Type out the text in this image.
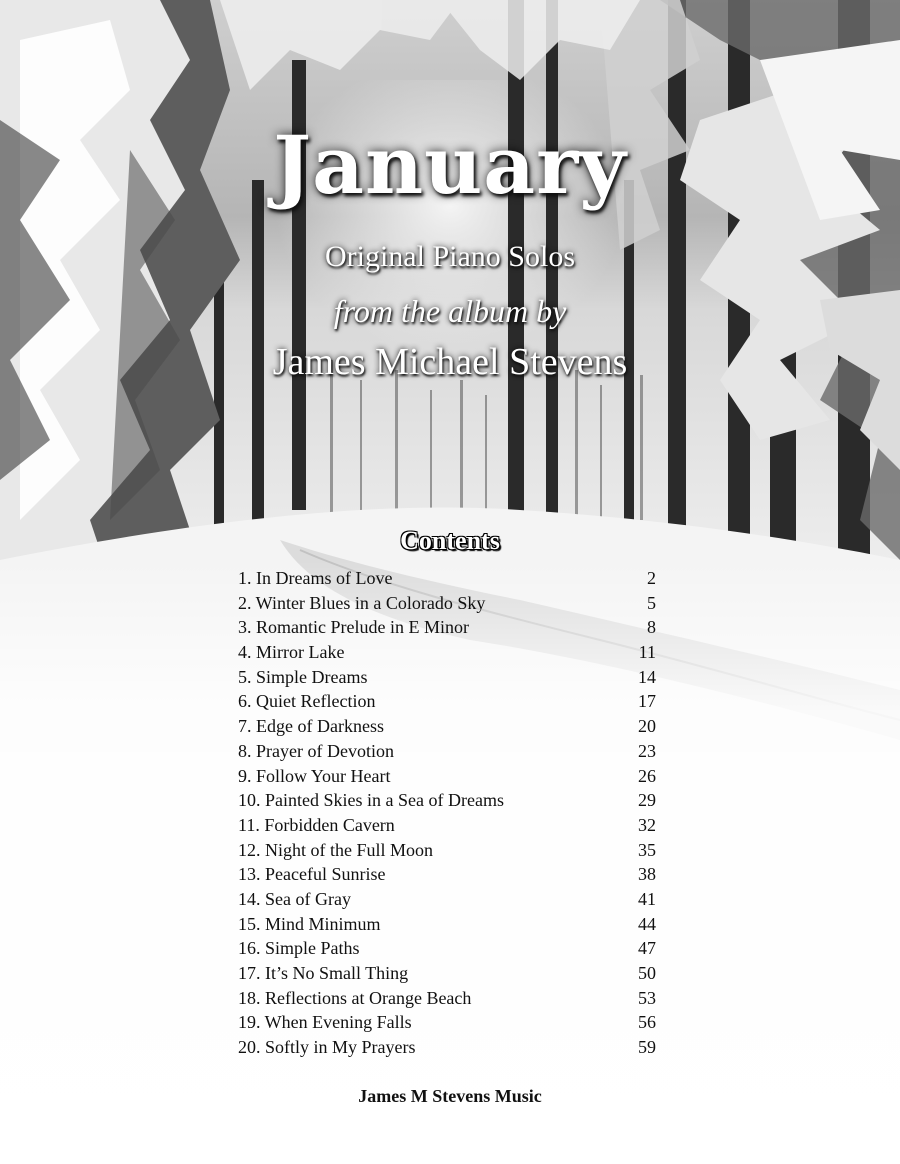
January
Original Piano Solos
from the album by
James Michael Stevens
Contents
1. In Dreams of Love	2
2. Winter Blues in a Colorado Sky	5
3. Romantic Prelude in E Minor	8
4. Mirror Lake	11
5. Simple Dreams	14
6. Quiet Reflection	17
7. Edge of Darkness	20
8. Prayer of Devotion	23
9. Follow Your Heart	26
10. Painted Skies in a Sea of Dreams	29
11. Forbidden Cavern	32
12. Night of the Full Moon	35
13. Peaceful Sunrise	38
14. Sea of Gray	41
15. Mind Minimum	44
16. Simple Paths	47
17. It’s No Small Thing	50
18. Reflections at Orange Beach	53
19. When Evening Falls	56
20. Softly in My Prayers	59
James M Stevens Music
